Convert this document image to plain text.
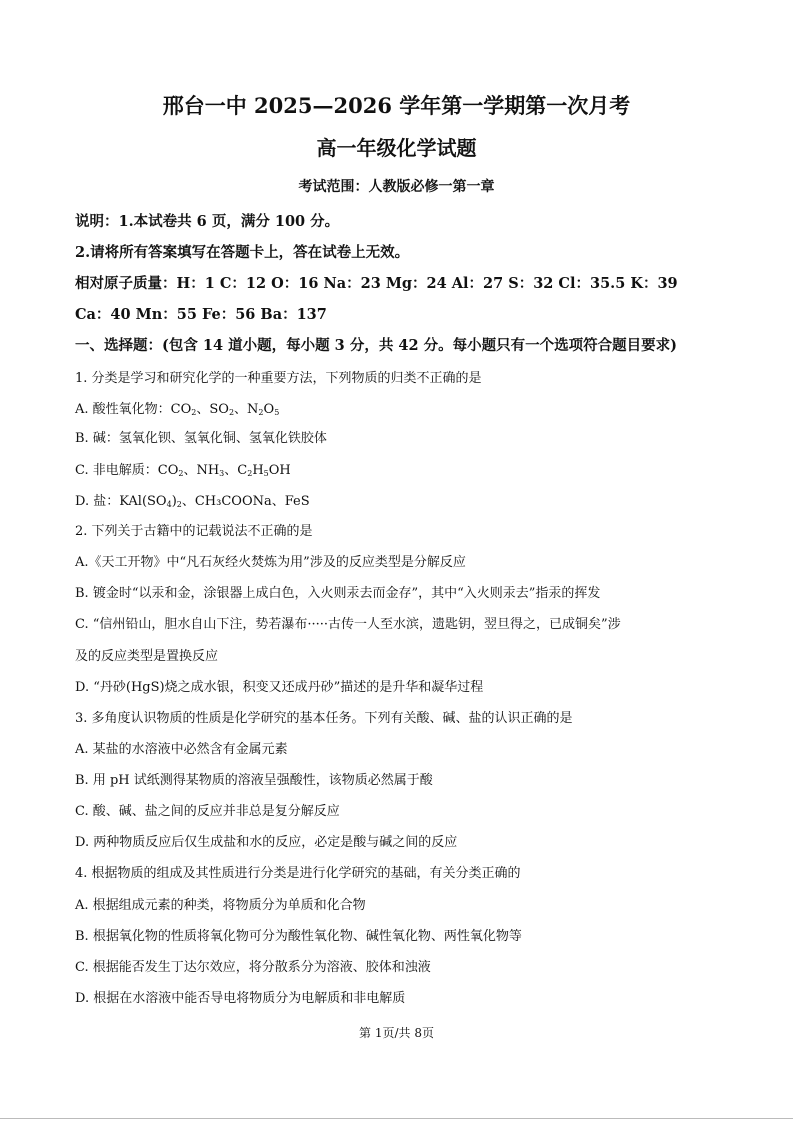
邢台一中 2025—2026 学年第一学期第一次月考
高一年级化学试题
考试范围：人教版必修一第一章
说明：1.本试卷共 6 页，满分 100 分。
2.请将所有答案填写在答题卡上，答在试卷上无效。
相对原子质量：H：1 C：12 O：16 Na：23 Mg：24 Al：27 S：32 Cl：35.5 K：39
Ca：40 Mn：55 Fe：56 Ba：137
一、选择题：(包含 14 道小题，每小题 3 分，共 42 分。每小题只有一个选项符合题目要求)
1. 分类是学习和研究化学的一种重要方法，下列物质的归类不正确的是
A. 酸性氧化物：$CO_2$、$SO_2$、$N_2O_5$
B. 碱：氢氧化钡、氢氧化铜、氢氧化铁胶体
C. 非电解质：$CO_2$、$NH_3$、$C_2H_5OH$
D. 盐：$KAl(SO_4)_2$、CH₃COONa、FeS
2. 下列关于古籍中的记载说法不正确的是
A.《天工开物》中“凡石灰经火焚炼为用”涉及的反应类型是分解反应
B. 镀金时“以汞和金，涂银器上成白色，入火则汞去而金存”，其中“入火则汞去”指汞的挥发
C. “信州铅山，胆水自山下注，势若瀑布·····古传一人至水滨，遗匙钥，翌旦得之，已成铜矣”涉
及的反应类型是置换反应
D. “丹砂(HgS)烧之成水银，积变又还成丹砂”描述的是升华和凝华过程
3. 多角度认识物质的性质是化学研究的基本任务。下列有关酸、碱、盐的认识正确的是
A. 某盐的水溶液中必然含有金属元素
B. 用 pH 试纸测得某物质的溶液呈强酸性，该物质必然属于酸
C. 酸、碱、盐之间的反应并非总是复分解反应
D. 两种物质反应后仅生成盐和水的反应，必定是酸与碱之间的反应
4. 根据物质的组成及其性质进行分类是进行化学研究的基础，有关分类正确的
A. 根据组成元素的种类，将物质分为单质和化合物
B. 根据氧化物的性质将氧化物可分为酸性氧化物、碱性氧化物、两性氧化物等
C. 根据能否发生丁达尔效应，将分散系分为溶液、胶体和浊液
D. 根据在水溶液中能否导电将物质分为电解质和非电解质
第 1页/共 8页
